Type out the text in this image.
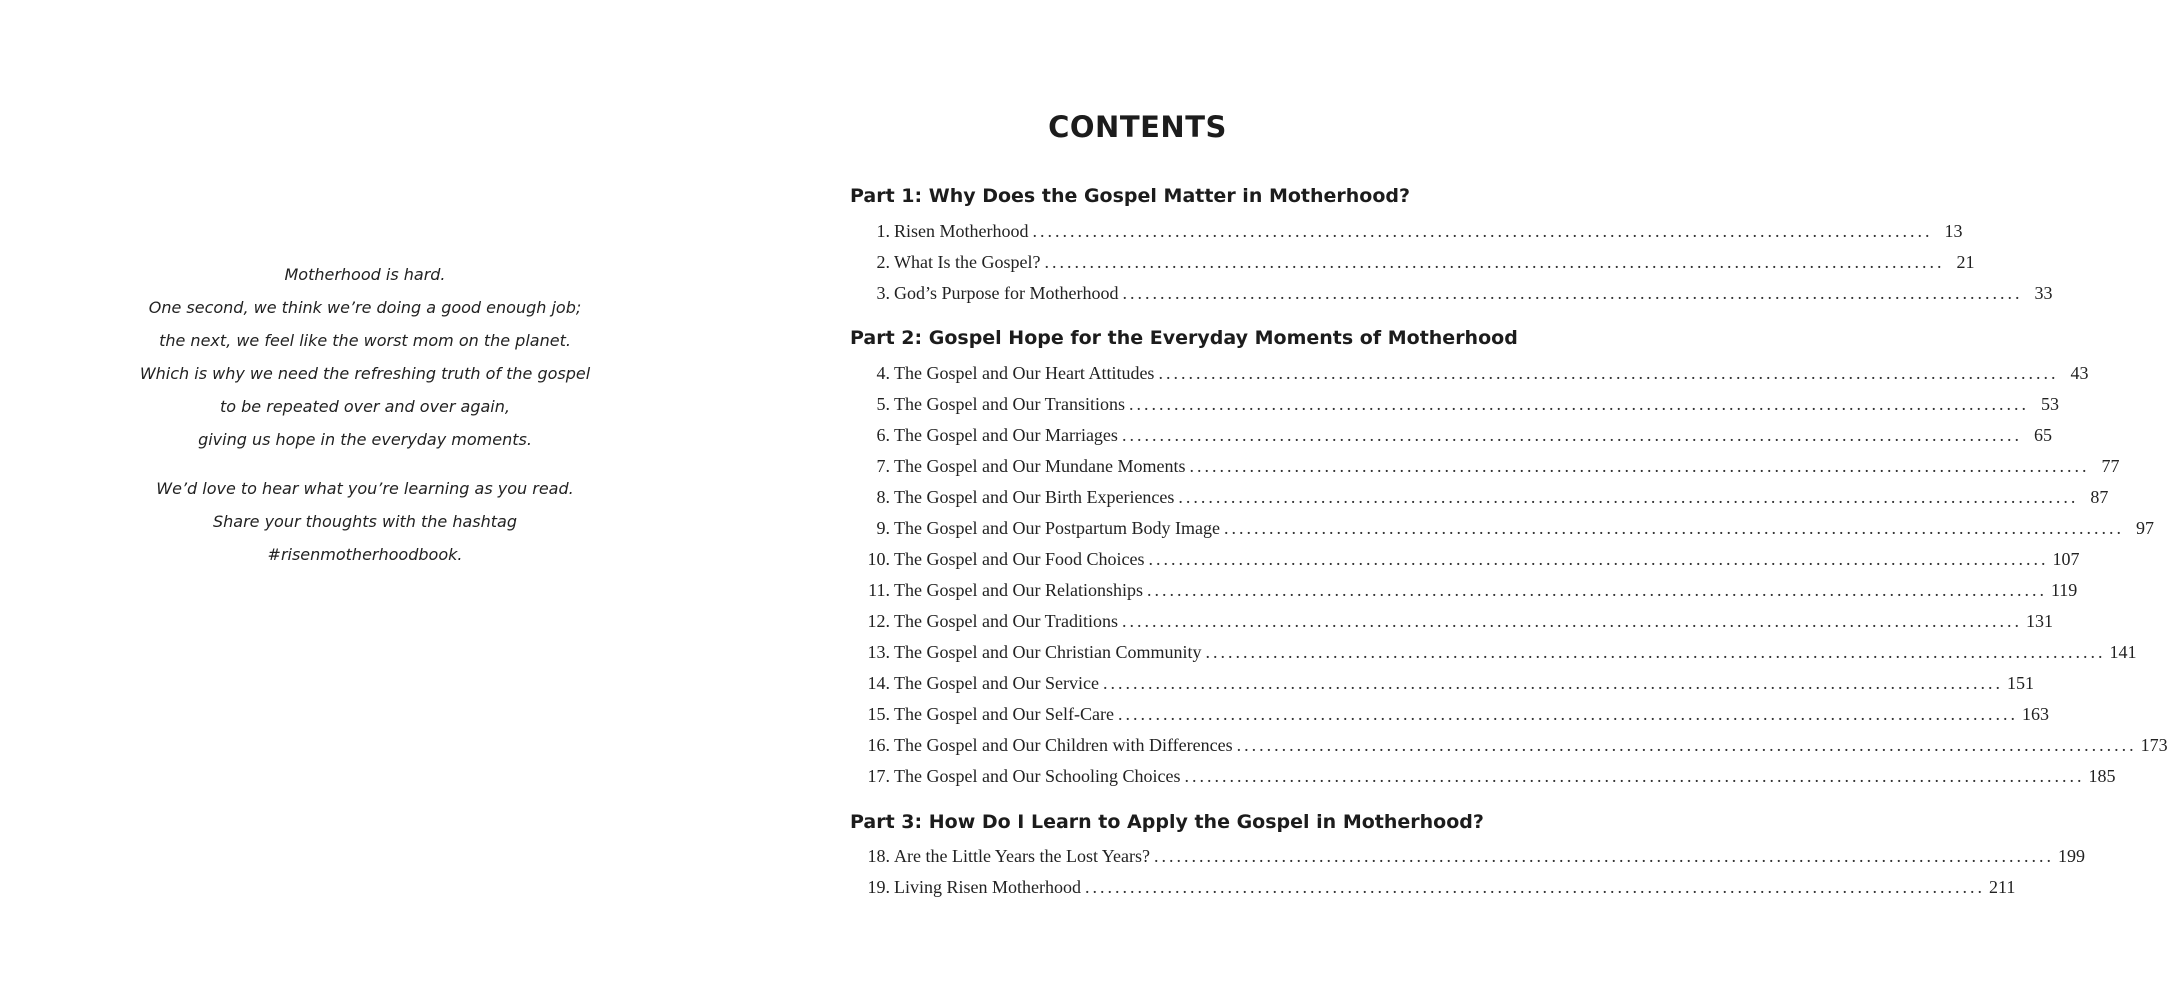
Motherhood is hard.
One second, we think we’re doing a good enough job;
the next, we feel like the worst mom on the planet.
Which is why we need the refreshing truth of the gospel
to be repeated over and over again,
giving us hope in the everyday moments.
We’d love to hear what you’re learning as you read.
Share your thoughts with the hashtag
#risenmotherhoodbook.
CONTENTS
Part 1: Why Does the Gospel Matter in Motherhood?
1. Risen Motherhood ........................................................................................................................ 13
2. What Is the Gospel? ........................................................................................................................ 21
3. God’s Purpose for Motherhood ........................................................................................................................ 33
Part 2: Gospel Hope for the Everyday Moments of Motherhood
4. The Gospel and Our Heart Attitudes ........................................................................................................................ 43
5. The Gospel and Our Transitions ........................................................................................................................ 53
6. The Gospel and Our Marriages ........................................................................................................................ 65
7. The Gospel and Our Mundane Moments ........................................................................................................................ 77
8. The Gospel and Our Birth Experiences ........................................................................................................................ 87
9. The Gospel and Our Postpartum Body Image ........................................................................................................................ 97
10. The Gospel and Our Food Choices ........................................................................................................................ 107
11. The Gospel and Our Relationships ........................................................................................................................ 119
12. The Gospel and Our Traditions ........................................................................................................................ 131
13. The Gospel and Our Christian Community ........................................................................................................................ 141
14. The Gospel and Our Service ........................................................................................................................ 151
15. The Gospel and Our Self-Care ........................................................................................................................ 163
16. The Gospel and Our Children with Differences ........................................................................................................................ 173
17. The Gospel and Our Schooling Choices ........................................................................................................................ 185
Part 3: How Do I Learn to Apply the Gospel in Motherhood?
18. Are the Little Years the Lost Years? ........................................................................................................................ 199
19. Living Risen Motherhood ........................................................................................................................ 211
